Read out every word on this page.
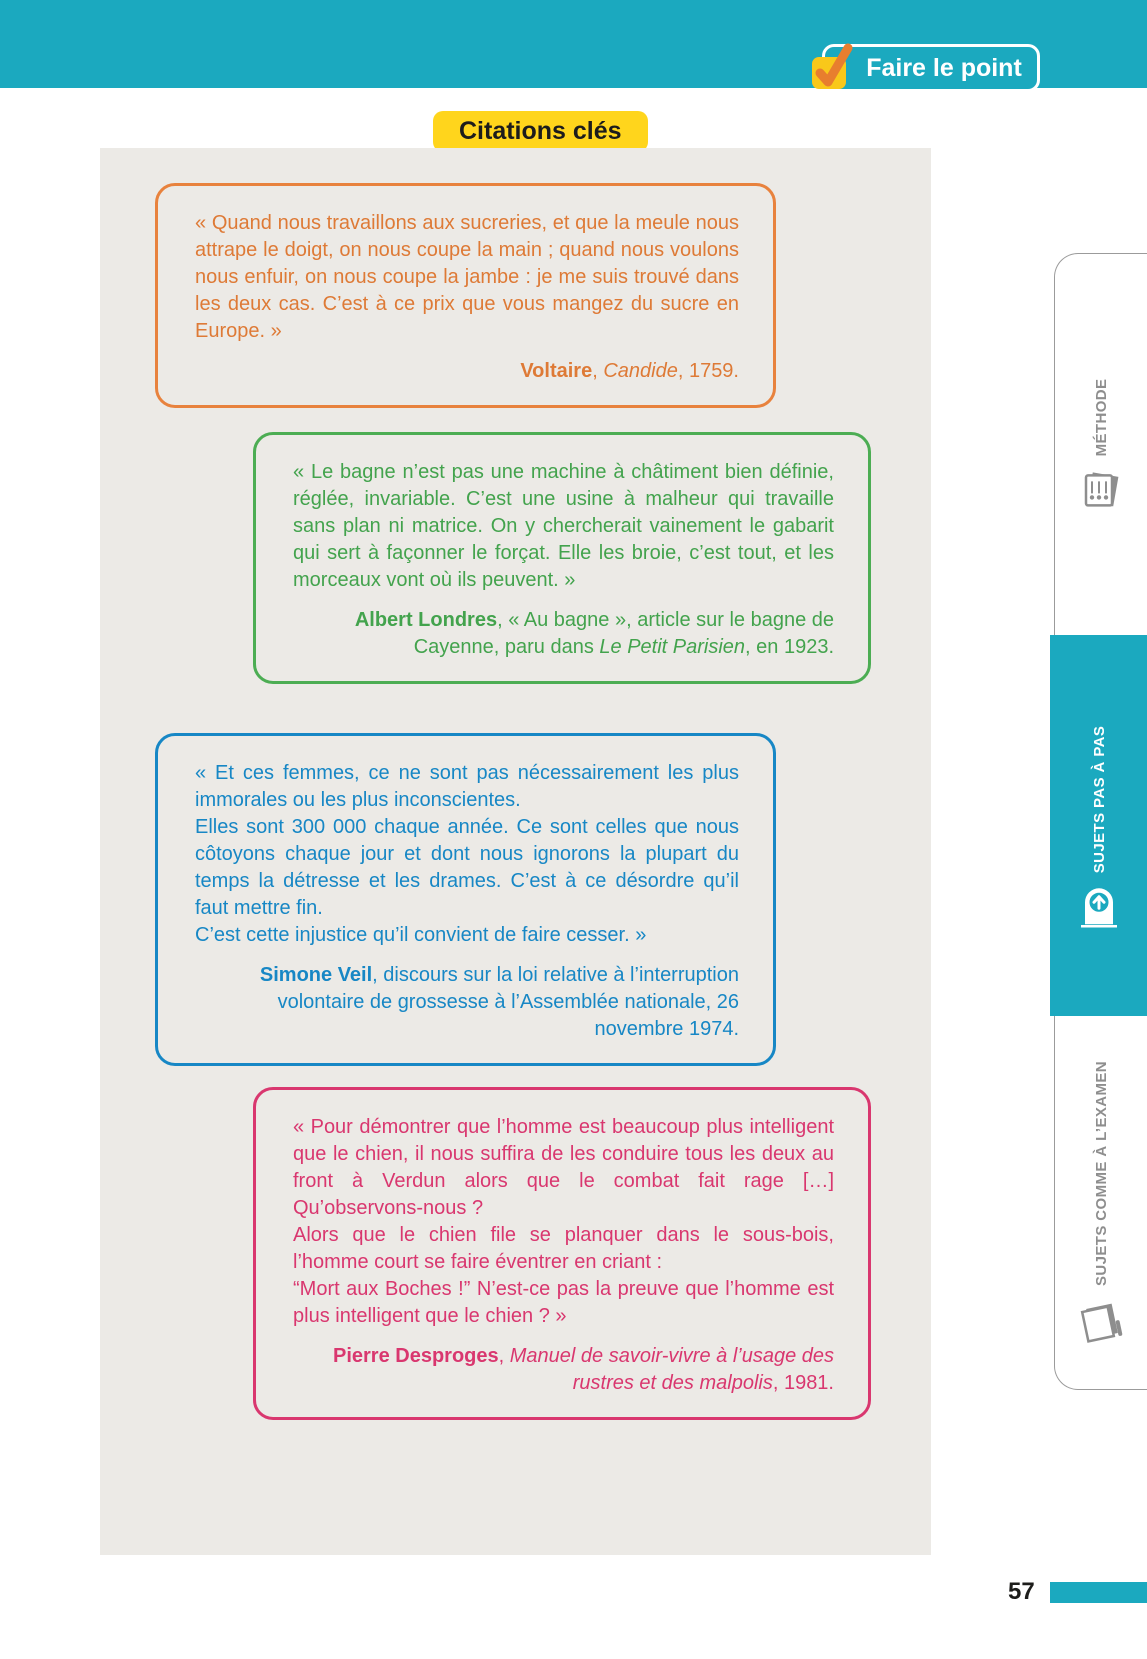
Faire le point
Citations clés

« Quand nous travaillons aux sucreries, et que la meule nous attrape le doigt, on nous coupe la main ; quand nous voulons nous enfuir, on nous coupe la jambe : je me suis trouvé dans les deux cas. C’est à ce prix que vous mangez du sucre en Europe. »

Voltaire, Candide, 1759.

« Le bagne n’est pas une machine à châtiment bien définie, réglée, invariable. C’est une usine à malheur qui travaille sans plan ni matrice. On y chercherait vainement le gabarit qui sert à façonner le forçat. Elle les broie, c’est tout, et les morceaux vont où ils peuvent. »

Albert Londres, « Au bagne », article sur le bagne de Cayenne, paru dans Le Petit Parisien, en 1923.

« Et ces femmes, ce ne sont pas nécessairement les plus immorales ou les plus inconscientes.

Elles sont 300 000 chaque année. Ce sont celles que nous côtoyons chaque jour et dont nous ignorons la plupart du temps la détresse et les drames. C’est à ce désordre qu’il faut mettre fin.

C’est cette injustice qu’il convient de faire cesser. »

Simone Veil, discours sur la loi relative à l’interruption volontaire de grossesse à l’Assemblée nationale, 26 novembre 1974.

« Pour démontrer que l’homme est beaucoup plus intelligent que le chien, il nous suffira de les conduire tous les deux au front à Verdun alors que le combat fait rage […] Qu’observons-nous ?

Alors que le chien file se planquer dans le sous-bois, l’homme court se faire éventrer en criant :

“Mort aux Boches !” N’est-ce pas la preuve que l’homme est plus intelligent que le chien ? »

Pierre Desproges, Manuel de savoir-vivre à l’usage des rustres et des malpolis, 1981.
MÉTHODE
SUJETS PAS À PAS
SUJETS COMME À L’EXAMEN
57
